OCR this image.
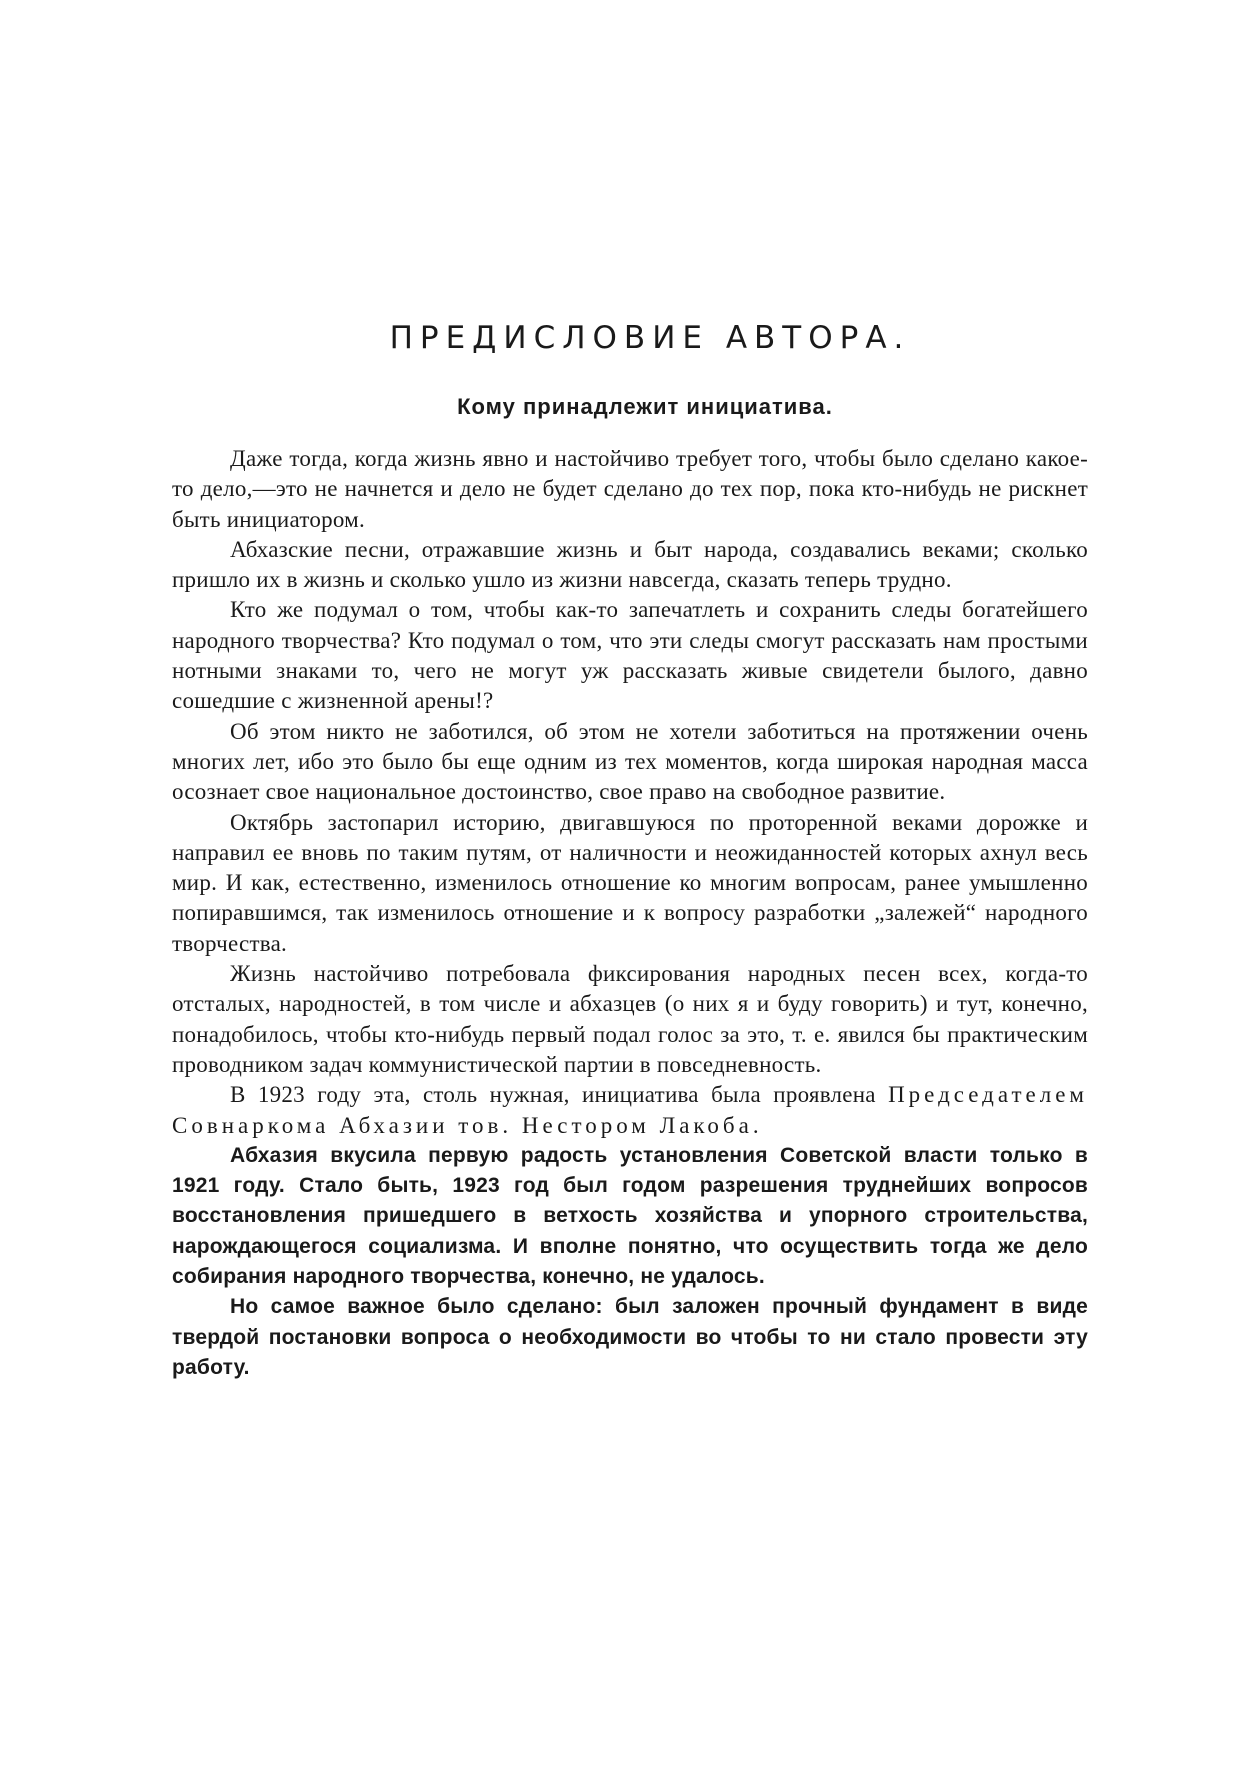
ПРЕДИСЛОВИЕ АВТОРА.
Кому принадлежит инициатива.

Даже тогда, когда жизнь явно и настойчиво требует того, чтобы было сделано какое-то дело,—это не начнется и дело не будет сделано до тех пор, пока кто-нибудь не рискнет быть инициатором.

Абхазские песни, отражавшие жизнь и быт народа, создавались веками; сколько пришло их в жизнь и сколько ушло из жизни навсегда, сказать теперь трудно.

Кто же подумал о том, чтобы как-то запечатлеть и сохранить следы богатейшего народного творчества? Кто подумал о том, что эти следы смогут рассказать нам простыми нотными знаками то, чего не могут уж рассказать живые свидетели былого, давно сошедшие с жизненной арены!?

Об этом никто не заботился, об этом не хотели заботиться на протяжении очень многих лет, ибо это было бы еще одним из тех моментов, когда широкая народная масса осознает свое национальное достоинство, свое право на свободное развитие.

Октябрь застопарил историю, двигавшуюся по проторенной веками дорожке и направил ее вновь по таким путям, от наличности и неожиданностей которых ахнул весь мир. И как, естественно, изменилось отношение ко многим вопросам, ранее умышленно попиравшимся, так изменилось отношение и к вопросу разработки „залежей“ народного творчества.

Жизнь настойчиво потребовала фиксирования народных песен всех, когда-то отсталых, народностей, в том числе и абхазцев (о них я и буду говорить) и тут, конечно, понадобилось, чтобы кто-нибудь первый подал голос за это, т. е. явился бы практическим проводником задач коммунистической партии в повседневность.

В 1923 году эта, столь нужная, инициатива была проявлена Председателем Совнаркома Абхазии тов. Нестором Лакоба.

Абхазия вкусила первую радость установления Советской власти только в 1921 году. Стало быть, 1923 год был годом разрешения труднейших вопросов восстановления пришедшего в ветхость хозяйства и упорного строительства, нарождающегося социализма. И вполне понятно, что осуществить тогда же дело собирания народного творчества, конечно, не удалось.

Но самое важное было сделано: был заложен прочный фундамент в виде твердой постановки вопроса о необходимости во чтобы то ни стало провести эту работу.
